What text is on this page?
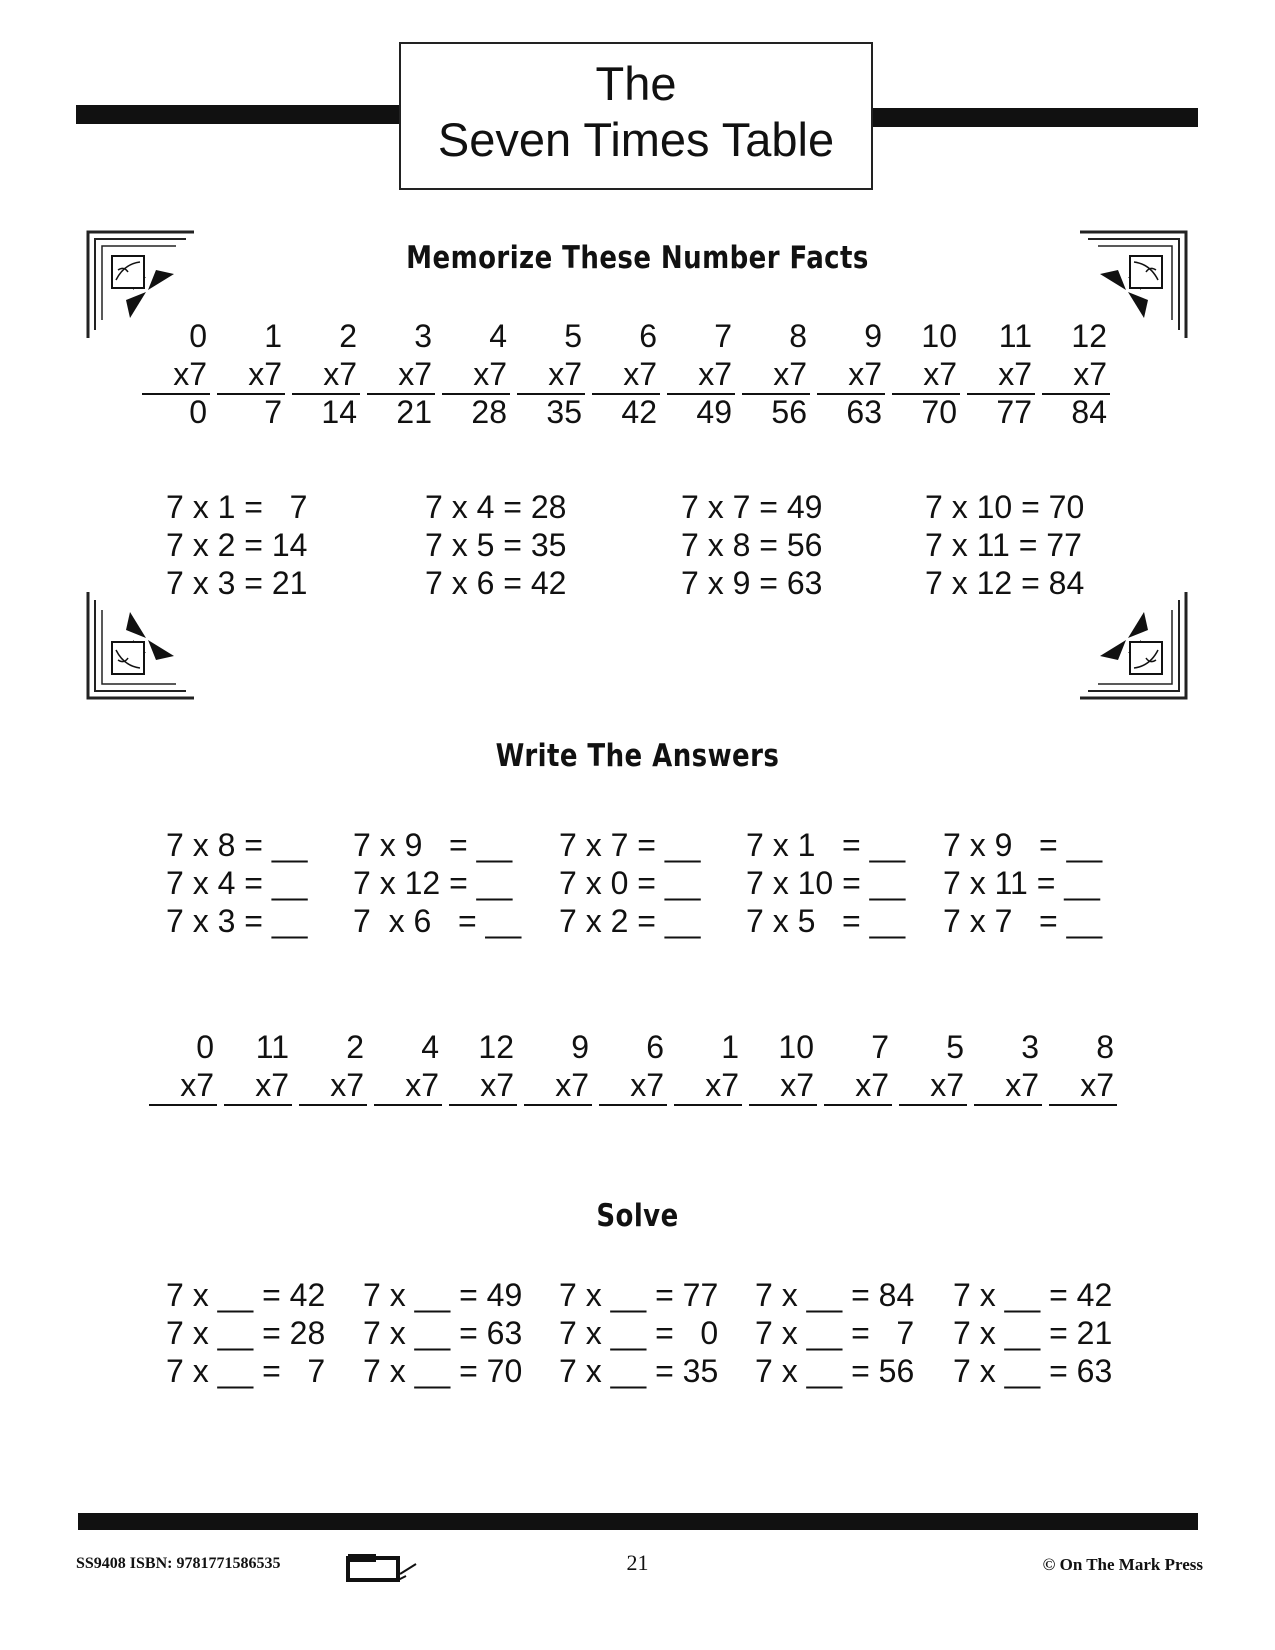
The
Seven Times Table
Memorize These Number Facts
0
x7
0
1
x7
7
2
x7
14
3
x7
21
4
x7
28
5
x7
35
6
x7
42
7
x7
49
8
x7
56
9
x7
63
10
x7
70
11
x7
77
12
x7
84
7 x 1 =   7
7 x 2 = 14
7 x 3 = 21
7 x 4 = 28
7 x 5 = 35
7 x 6 = 42
7 x 7 = 49
7 x 8 = 56
7 x 9 = 63
7 x 10 = 70
7 x 11 = 77
7 x 12 = 84
Write The Answers
7 x 8 = __
7 x 4 = __
7 x 3 = __
7 x 9   = __
7 x 12 = __
7  x 6   = __
7 x 7 = __
7 x 0 = __
7 x 2 = __
7 x 1   = __
7 x 10 = __
7 x 5   = __
7 x 9   = __
7 x 11 = __
7 x 7   = __
0
x7
11
x7
2
x7
4
x7
12
x7
9
x7
6
x7
1
x7
10
x7
7
x7
5
x7
3
x7
8
x7
Solve
7 x __ = 42
7 x __ = 28
7 x __ =   7
7 x __ = 49
7 x __ = 63
7 x __ = 70
7 x __ = 77
7 x __ =   0
7 x __ = 35
7 x __ = 84
7 x __ =   7
7 x __ = 56
7 x __ = 42
7 x __ = 21
7 x __ = 63
SS9408 ISBN: 9781771586535	21	© On The Mark Press
